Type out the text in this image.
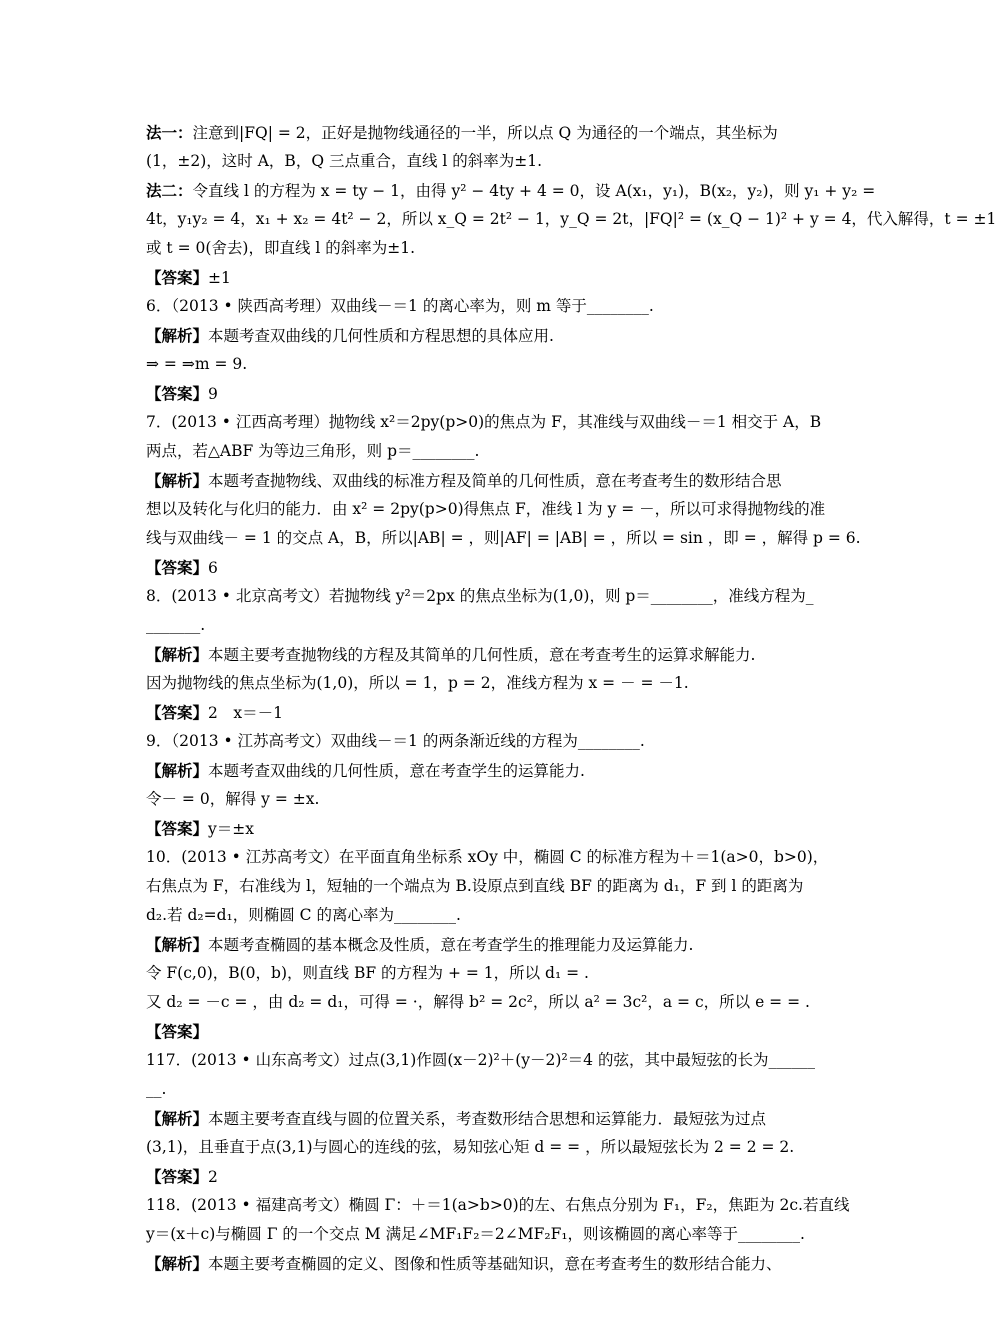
法一：注意到|FQ| = 2，正好是抛物线通径的一半，所以点 Q 为通径的一个端点，其坐标为
(1，±2)，这时 A，B，Q 三点重合，直线 l 的斜率为±1.
法二：令直线 l 的方程为 x = ty − 1，由得 y² − 4ty + 4 = 0，设 A(x₁，y₁)，B(x₂，y₂)，则 y₁ + y₂ =
4t，y₁y₂ = 4，x₁ + x₂ = 4t² − 2，所以 x_Q = 2t² − 1，y_Q = 2t，|FQ|² = (x_Q − 1)² + y = 4，代入解得，t = ±1
或 t = 0(舍去)，即直线 l 的斜率为±1.
【答案】±1
6．（2013 • 陕西高考理）双曲线－＝1 的离心率为，则 m 等于________.
【解析】本题考查双曲线的几何性质和方程思想的具体应用.
⇒ = ⇒m = 9.
【答案】9
7．(2013 • 江西高考理）抛物线 x²＝2py(p>0)的焦点为 F，其准线与双曲线－＝1 相交于 A，B
两点，若△ABF 为等边三角形，则 p＝________.
【解析】本题考查抛物线、双曲线的标准方程及简单的几何性质，意在考查考生的数形结合思
想以及转化与化归的能力．由 x² = 2py(p>0)得焦点 F，准线 l 为 y = －，所以可求得抛物线的准
线与双曲线－ = 1 的交点 A，B，所以|AB| = ，则|AF| = |AB| = ，所以 = sin ，即 = ，解得 p = 6.
【答案】6
8．(2013 • 北京高考文）若抛物线 y²＝2px 的焦点坐标为(1,0)，则 p＝________，准线方程为_
_______.
【解析】本题主要考查抛物线的方程及其简单的几何性质，意在考查考生的运算求解能力.
因为抛物线的焦点坐标为(1,0)，所以 = 1，p = 2，准线方程为 x = － = －1.
【答案】2　x＝－1
9．（2013 • 江苏高考文）双曲线－＝1 的两条渐近线的方程为________.
【解析】本题考查双曲线的几何性质，意在考查学生的运算能力.
令－ = 0，解得 y = ±x.
【答案】y＝±x
10．(2013 • 江苏高考文）在平面直角坐标系 xOy 中，椭圆 C 的标准方程为＋＝1(a>0，b>0)，
右焦点为 F，右准线为 l，短轴的一个端点为 B.设原点到直线 BF 的距离为 d₁，F 到 l 的距离为
d₂.若 d₂=d₁，则椭圆 C 的离心率为________.
【解析】本题考查椭圆的基本概念及性质，意在考查学生的推理能力及运算能力.
令 F(c,0)，B(0，b)，则直线 BF 的方程为 + = 1，所以 d₁ = .
又 d₂ = －c = ，由 d₂ = d₁，可得 = ·，解得 b² = 2c²，所以 a² = 3c²，a = c，所以 e = = .
【答案】
117．(2013 • 山东高考文）过点(3,1)作圆(x－2)²＋(y－2)²＝4 的弦，其中最短弦的长为______
__.
【解析】本题主要考查直线与圆的位置关系，考查数形结合思想和运算能力．最短弦为过点
(3,1)，且垂直于点(3,1)与圆心的连线的弦，易知弦心矩 d = = ，所以最短弦长为 2 = 2 = 2.
【答案】2
118．(2013 • 福建高考文）椭圆 Γ：＋＝1(a>b>0)的左、右焦点分别为 F₁，F₂，焦距为 2c.若直线
y＝(x＋c)与椭圆 Γ 的一个交点 M 满足∠MF₁F₂＝2∠MF₂F₁，则该椭圆的离心率等于________.
【解析】本题主要考查椭圆的定义、图像和性质等基础知识，意在考查考生的数形结合能力、
